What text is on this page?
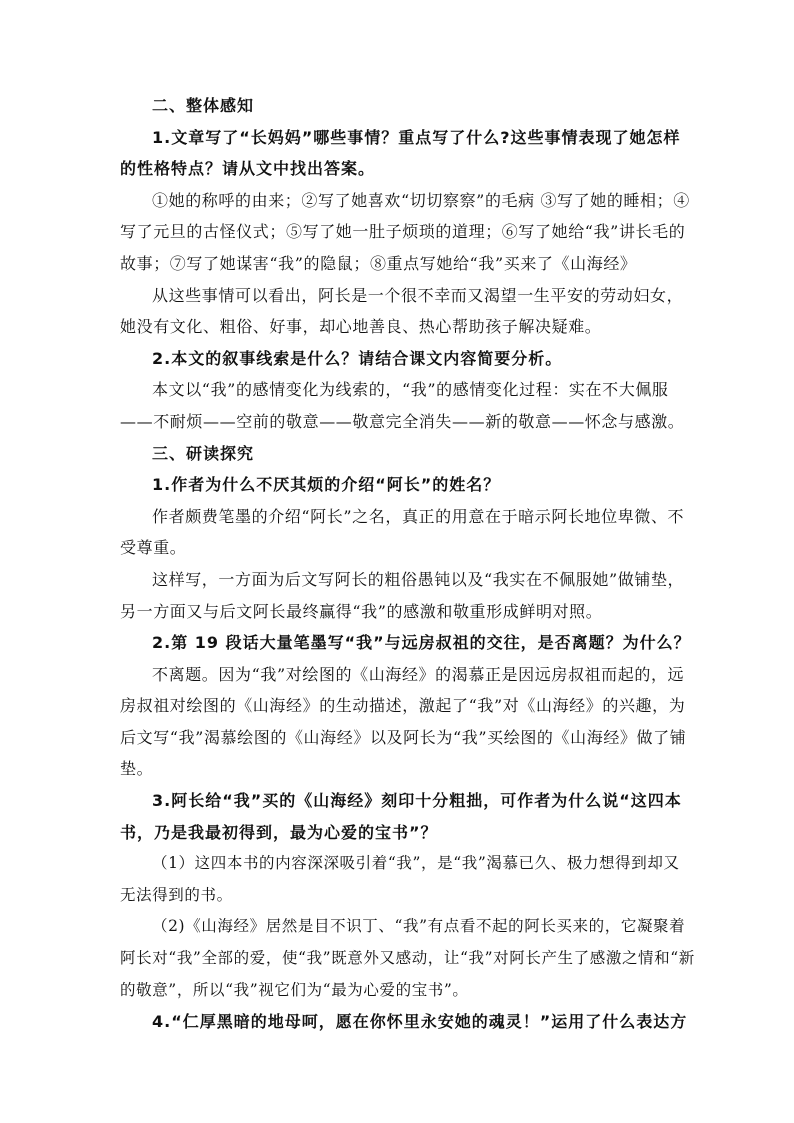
二、整体感知

1.文章写了“长妈妈”哪些事情？重点写了什么?这些事情表现了她怎样的性格特点？请从文中找出答案。

①她的称呼的由来；②写了她喜欢“切切察察”的毛病 ③写了她的睡相；④写了元旦的古怪仪式；⑤写了她一肚子烦琐的道理；⑥写了她给“我”讲长毛的故事；⑦写了她谋害“我”的隐鼠；⑧重点写她给“我”买来了《山海经》

从这些事情可以看出，阿长是一个很不幸而又渴望一生平安的劳动妇女，她没有文化、粗俗、好事，却心地善良、热心帮助孩子解决疑难。

2.本文的叙事线索是什么？请结合课文内容简要分析。

本文以“我”的感情变化为线索的，“我”的感情变化过程：实在不大佩服——不耐烦——空前的敬意——敬意完全消失——新的敬意——怀念与感激。

三、研读探究

1.作者为什么不厌其烦的介绍“阿长”的姓名？

作者颇费笔墨的介绍“阿长”之名，真正的用意在于暗示阿长地位卑微、不受尊重。

这样写，一方面为后文写阿长的粗俗愚钝以及“我实在不佩服她”做铺垫，另一方面又与后文阿长最终赢得“我”的感激和敬重形成鲜明对照。

2.第 19 段话大量笔墨写“我”与远房叔祖的交往，是否离题？为什么？

不离题。因为“我”对绘图的《山海经》的渴慕正是因远房叔祖而起的，远房叔祖对绘图的《山海经》的生动描述，激起了“我”对《山海经》的兴趣，为后文写“我”渴慕绘图的《山海经》以及阿长为“我”买绘图的《山海经》做了铺垫。

3.阿长给“我”买的《山海经》刻印十分粗拙，可作者为什么说“这四本书，乃是我最初得到，最为心爱的宝书”？

（1）这四本书的内容深深吸引着“我”，是“我”渴慕已久、极力想得到却又无法得到的书。

（2)《山海经》居然是目不识丁、“我”有点看不起的阿长买来的，它凝聚着阿长对“我”全部的爱，使“我”既意外又感动，让“我”对阿长产生了感激之情和“新的敬意”，所以“我”视它们为“最为心爱的宝书”。

4.“仁厚黑暗的地母呵，愿在你怀里永安她的魂灵！”运用了什么表达方
